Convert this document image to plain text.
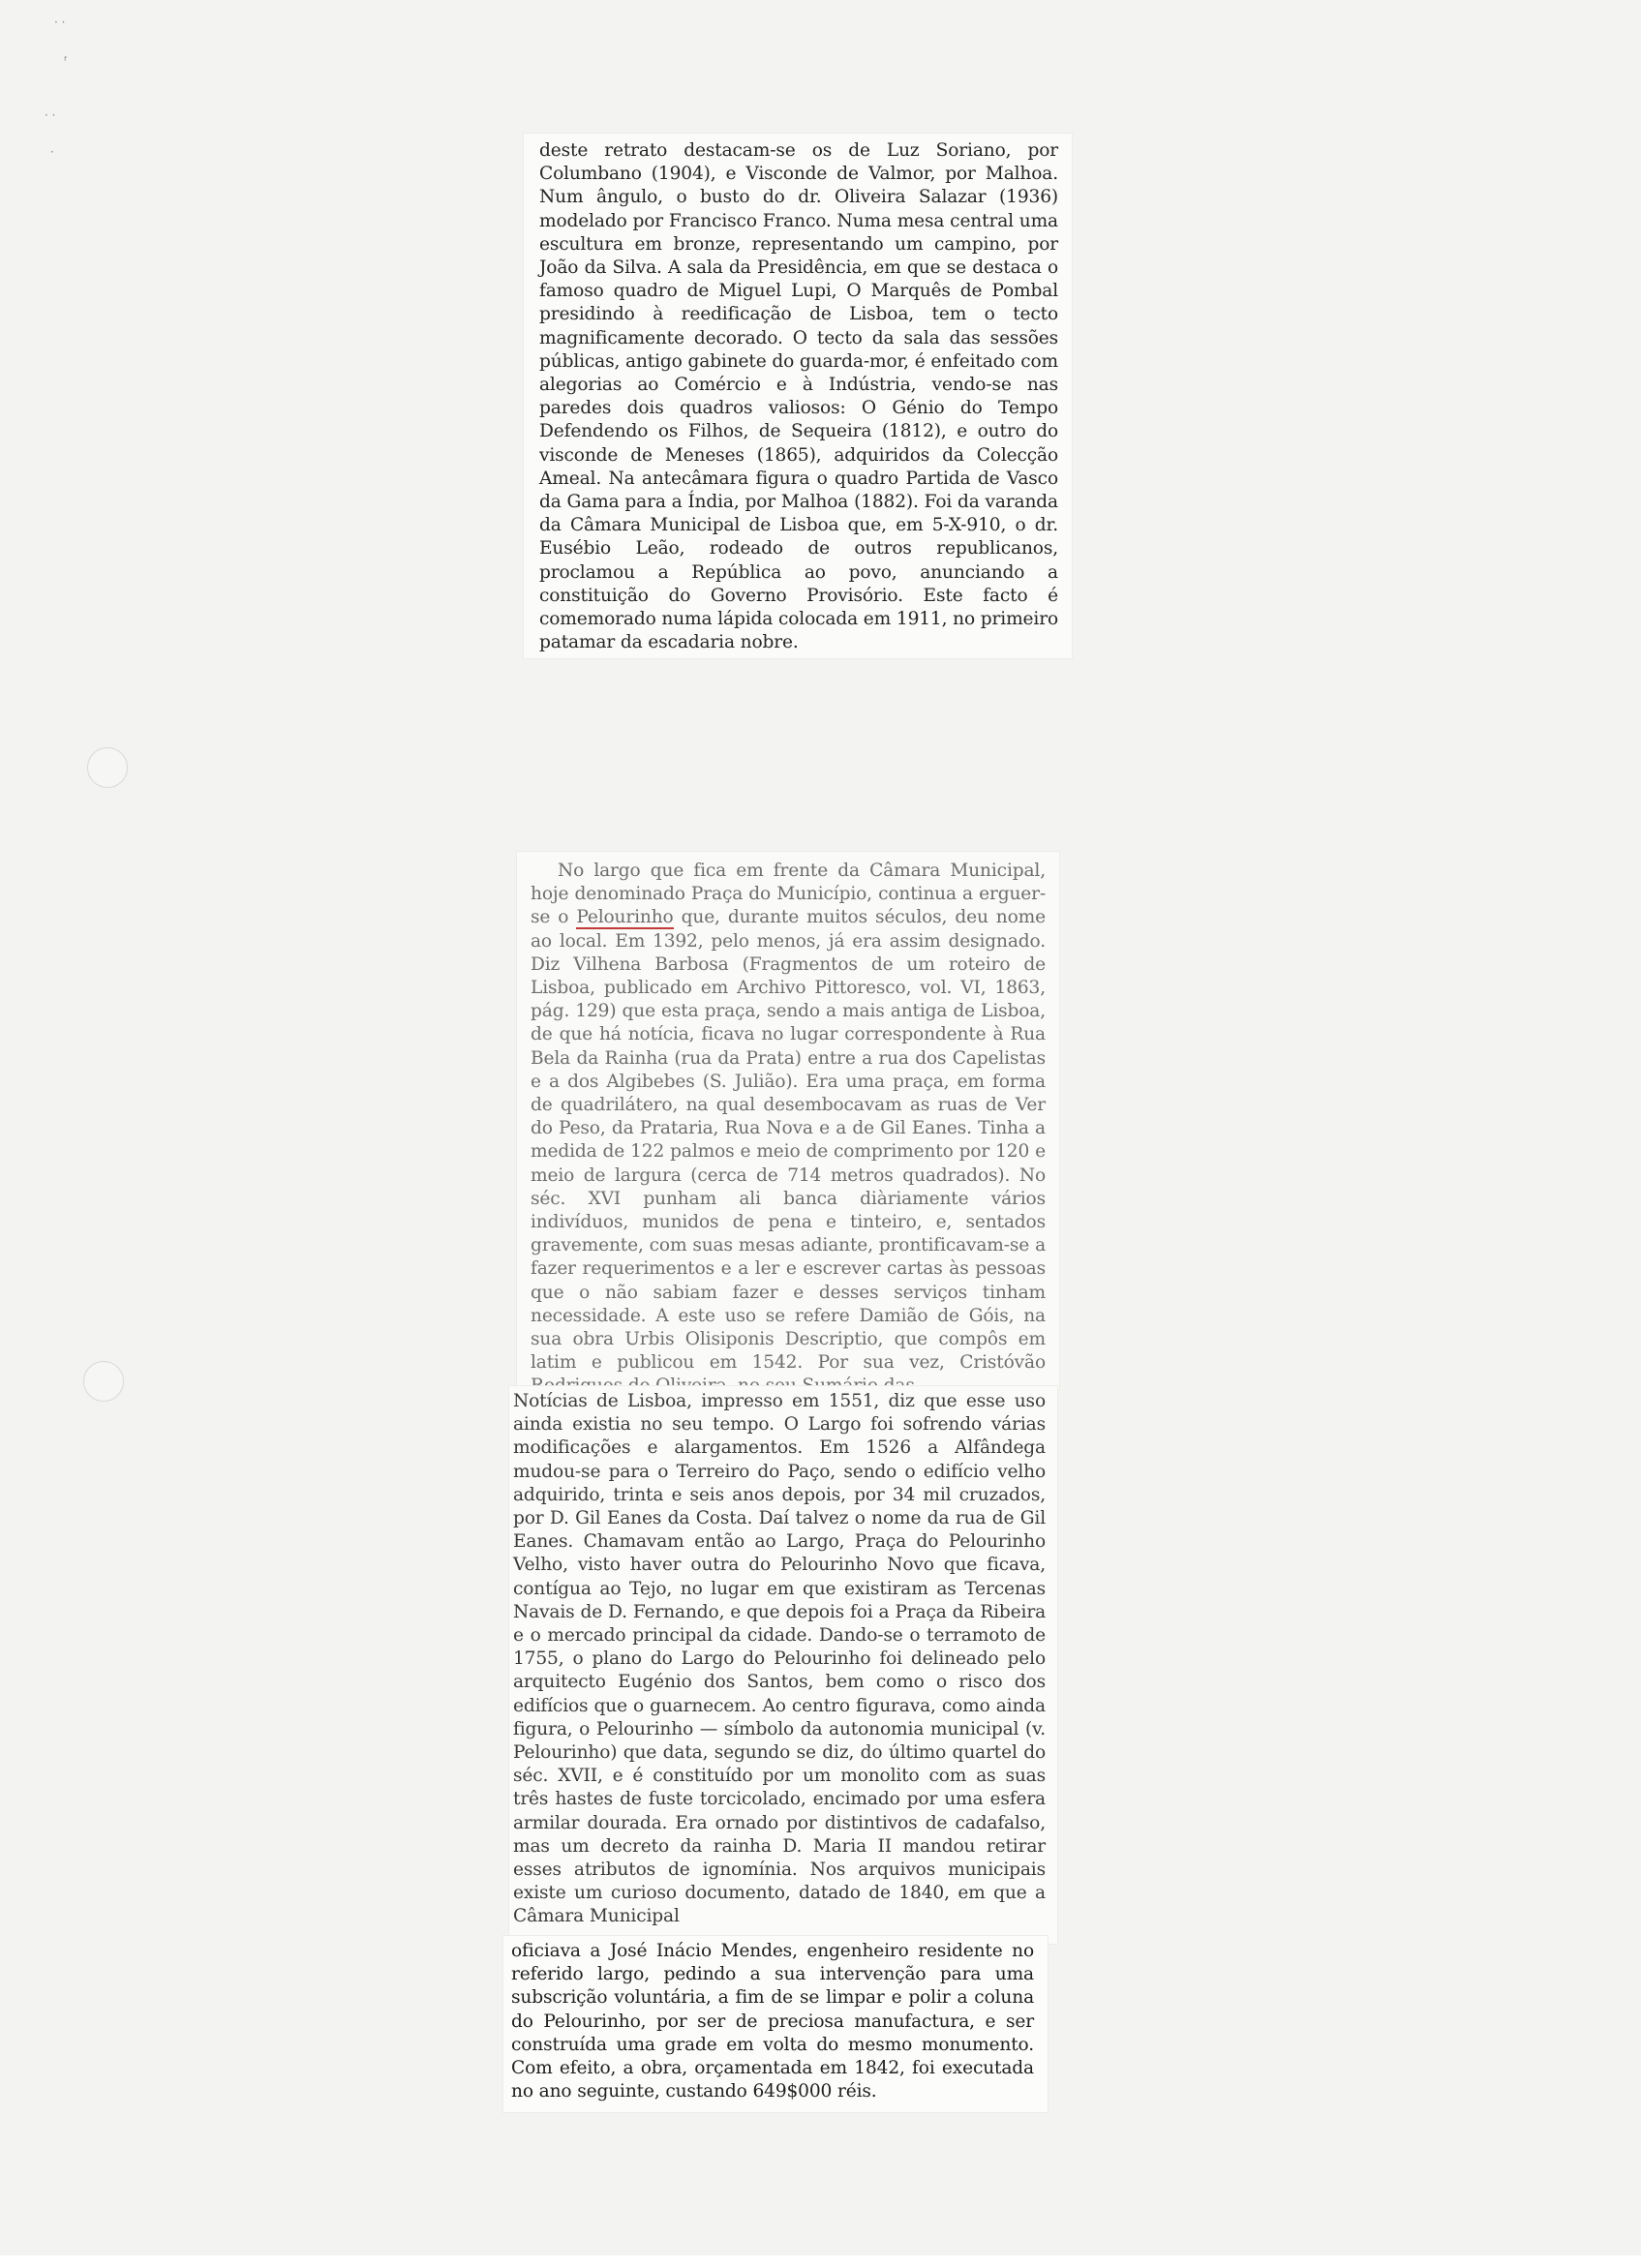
· ·
ᶠ
· ·
·	deste retrato destacam-se os de Luz Soriano, por Columbano (1904), e Visconde de Valmor, por Malhoa. Num ângulo, o busto do dr. Oliveira Salazar (1936) modelado por Francisco Franco. Numa mesa central uma escultura em bronze, representando um campino, por João da Silva. A sala da Presidência, em que se destaca o famoso quadro de Miguel Lupi, O Marquês de Pombal presidindo à reedificação de Lisboa, tem o tecto magnificamente decorado. O tecto da sala das sessões públicas, antigo gabinete do guarda-mor, é enfeitado com alegorias ao Comércio e à Indústria, vendo-se nas paredes dois quadros valiosos: O Génio do Tempo Defendendo os Filhos, de Sequeira (1812), e outro do visconde de Meneses (1865), adquiridos da Colecção Ameal. Na antecâmara figura o quadro Partida de Vasco da Gama para a Índia, por Malhoa (1882). Foi da varanda da Câmara Municipal de Lisboa que, em 5-X-910, o dr. Eusébio Leão, rodeado de outros republicanos, proclamou a República ao povo, anunciando a constituição do Governo Provisório. Este facto é comemorado numa lápida colocada em 1911, no primeiro patamar da escadaria nobre.

No largo que fica em frente da Câmara Municipal, hoje denominado Praça do Município, continua a erguer-se o Pelourinho que, durante muitos séculos, deu nome ao local. Em 1392, pelo menos, já era assim designado. Diz Vilhena Barbosa (Fragmentos de um roteiro de Lisboa, publicado em Archivo Pittoresco, vol. VI, 1863, pág. 129) que esta praça, sendo a mais antiga de Lisboa, de que há notícia, ficava no lugar correspondente à Rua Bela da Rainha (rua da Prata) entre a rua dos Capelistas e a dos Algibebes (S. Julião). Era uma praça, em forma de quadrilátero, na qual desembocavam as ruas de Ver do Peso, da Prataria, Rua Nova e a de Gil Eanes. Tinha a medida de 122 palmos e meio de comprimento por 120 e meio de largura (cerca de 714 metros quadrados). No séc. XVI punham ali banca diàriamente vários indivíduos, munidos de pena e tinteiro, e, sentados gravemente, com suas mesas adiante, prontificavam-se a fazer requerimentos e a ler e escrever cartas às pessoas que o não sabiam fazer e desses serviços tinham necessidade. A este uso se refere Damião de Góis, na sua obra Urbis Olisiponis Descriptio, que compôs em latim e publicou em 1542. Por sua vez, Cristóvão

Notícias de Lisboa, impresso em 1551, diz que esse uso ainda existia no seu tempo. O Largo foi sofrendo várias modificações e alargamentos. Em 1526 a Alfândega mudou-se para o Terreiro do Paço, sendo o edifício velho adquirido, trinta e seis anos depois, por 34 mil cruzados, por D. Gil Eanes da Costa. Daí talvez o nome da rua de Gil Eanes. Chamavam então ao Largo, Praça do Pelourinho Velho, visto haver outra do Pelourinho Novo que ficava, contígua ao Tejo, no lugar em que existiram as Tercenas Navais de D. Fernando, e que depois foi a Praça da Ribeira e o mercado principal da cidade. Dando-se o terramoto de 1755, o plano do Largo do Pelourinho foi delineado pelo arquitecto Eugénio dos Santos, bem como o risco dos edifícios que o guarnecem. Ao centro figurava, como ainda figura, o Pelourinho — símbolo da autonomia municipal (v. Pelourinho) que data, segundo se diz, do último quartel do séc. XVII, e é constituído por um monolito com as suas três hastes de fuste torcicolado, encimado por uma esfera armilar dourada. Era ornado por distintivos de cadafalso, mas um decreto da rainha D. Maria II mandou retirar esses atributos de ignomínia. Nos arquivos municipais existe um curioso documento, datado de 1840, em que a Câmara Municipal

oficiava a José Inácio Mendes, engenheiro residente no referido largo, pedindo a sua intervenção para uma subscrição voluntária, a fim de se limpar e polir a coluna do Pelourinho, por ser de preciosa manufactura, e ser construída uma grade em volta do mesmo monumento. Com efeito, a obra, orçamentada em 1842, foi executada no ano seguinte, custando 649$000 réis.
